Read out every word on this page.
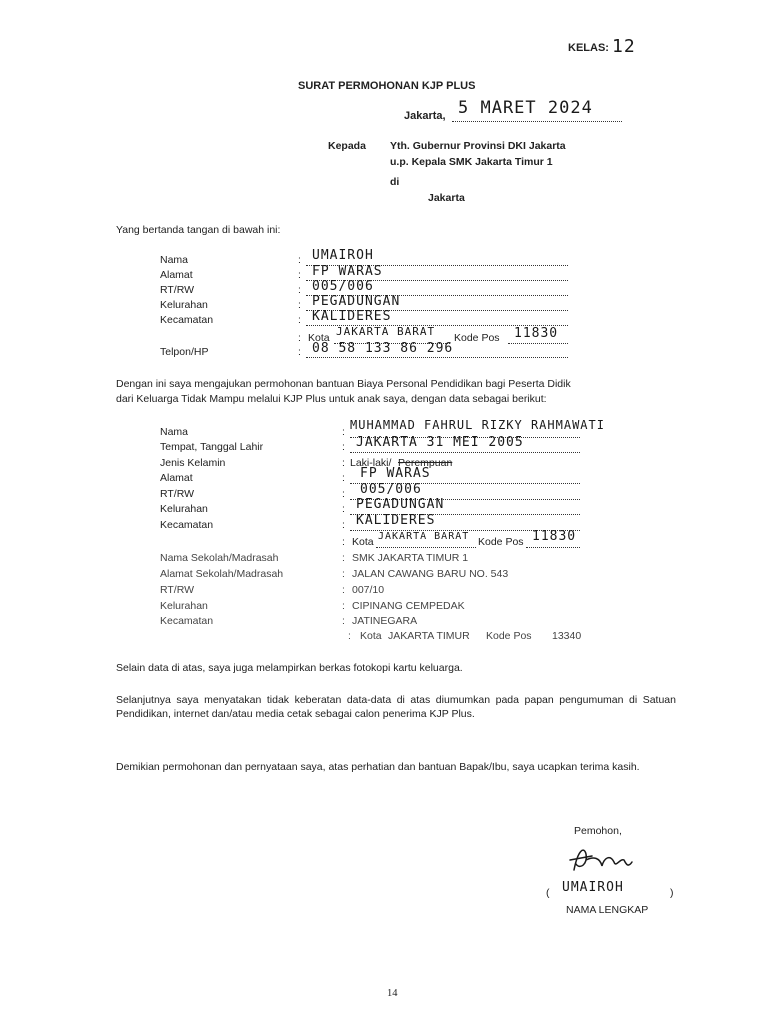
KELAS: 12
SURAT PERMOHONAN KJP PLUS
Jakarta, 5 MARET 2024
Kepada Yth. Gubernur Provinsi DKI Jakarta
u.p. Kepala SMK Jakarta Timur 1
di
Jakarta
Yang bertanda tangan di bawah ini:
Nama	: UMAIROH
Alamat	: FP WARAS
RT/RW	: 005/006
Kelurahan	: PEGADUNGAN
Kecamatan	: KALIDERES
: Kota JAKARTA BARAT Kode Pos 11830
Telpon/HP	: 08 58 133 86 296
Dengan ini saya mengajukan permohonan bantuan Biaya Personal Pendidikan bagi Peserta Didik
dari Keluarga Tidak Mampu melalui KJP Plus untuk anak saya, dengan data sebagai berikut:
Nama	: MUHAMMAD FAHRUL RIZKY RAHMAWATI
Tempat, Tanggal Lahir	: JAKARTA 31 MEI 2005
Jenis Kelamin	: Laki-laki/ Perempuan
Alamat	: FP WARAS
RT/RW	: 005/006
Kelurahan	: PEGADUNGAN
Kecamatan	: KALIDERES
: Kota JAKARTA BARAT Kode Pos 11830
Nama Sekolah/Madrasah	: SMK JAKARTA TIMUR 1
Alamat Sekolah/Madrasah	: JALAN CAWANG BARU NO. 543
RT/RW	: 007/10
Kelurahan	: CIPINANG CEMPEDAK
Kecamatan	: JATINEGARA
: Kota JAKARTA TIMUR Kode Pos 13340
Selain data di atas, saya juga melampirkan berkas fotokopi kartu keluarga.
Selanjutnya saya menyatakan tidak keberatan data-data di atas diumumkan pada papan pengumuman di Satuan Pendidikan, internet dan/atau media cetak sebagai calon penerima KJP Plus.
Demikian permohonan dan pernyataan saya, atas perhatian dan bantuan Bapak/Ibu, saya ucapkan terima kasih.
Pemohon,
( UMAIROH	)
NAMA LENGKAP
14
